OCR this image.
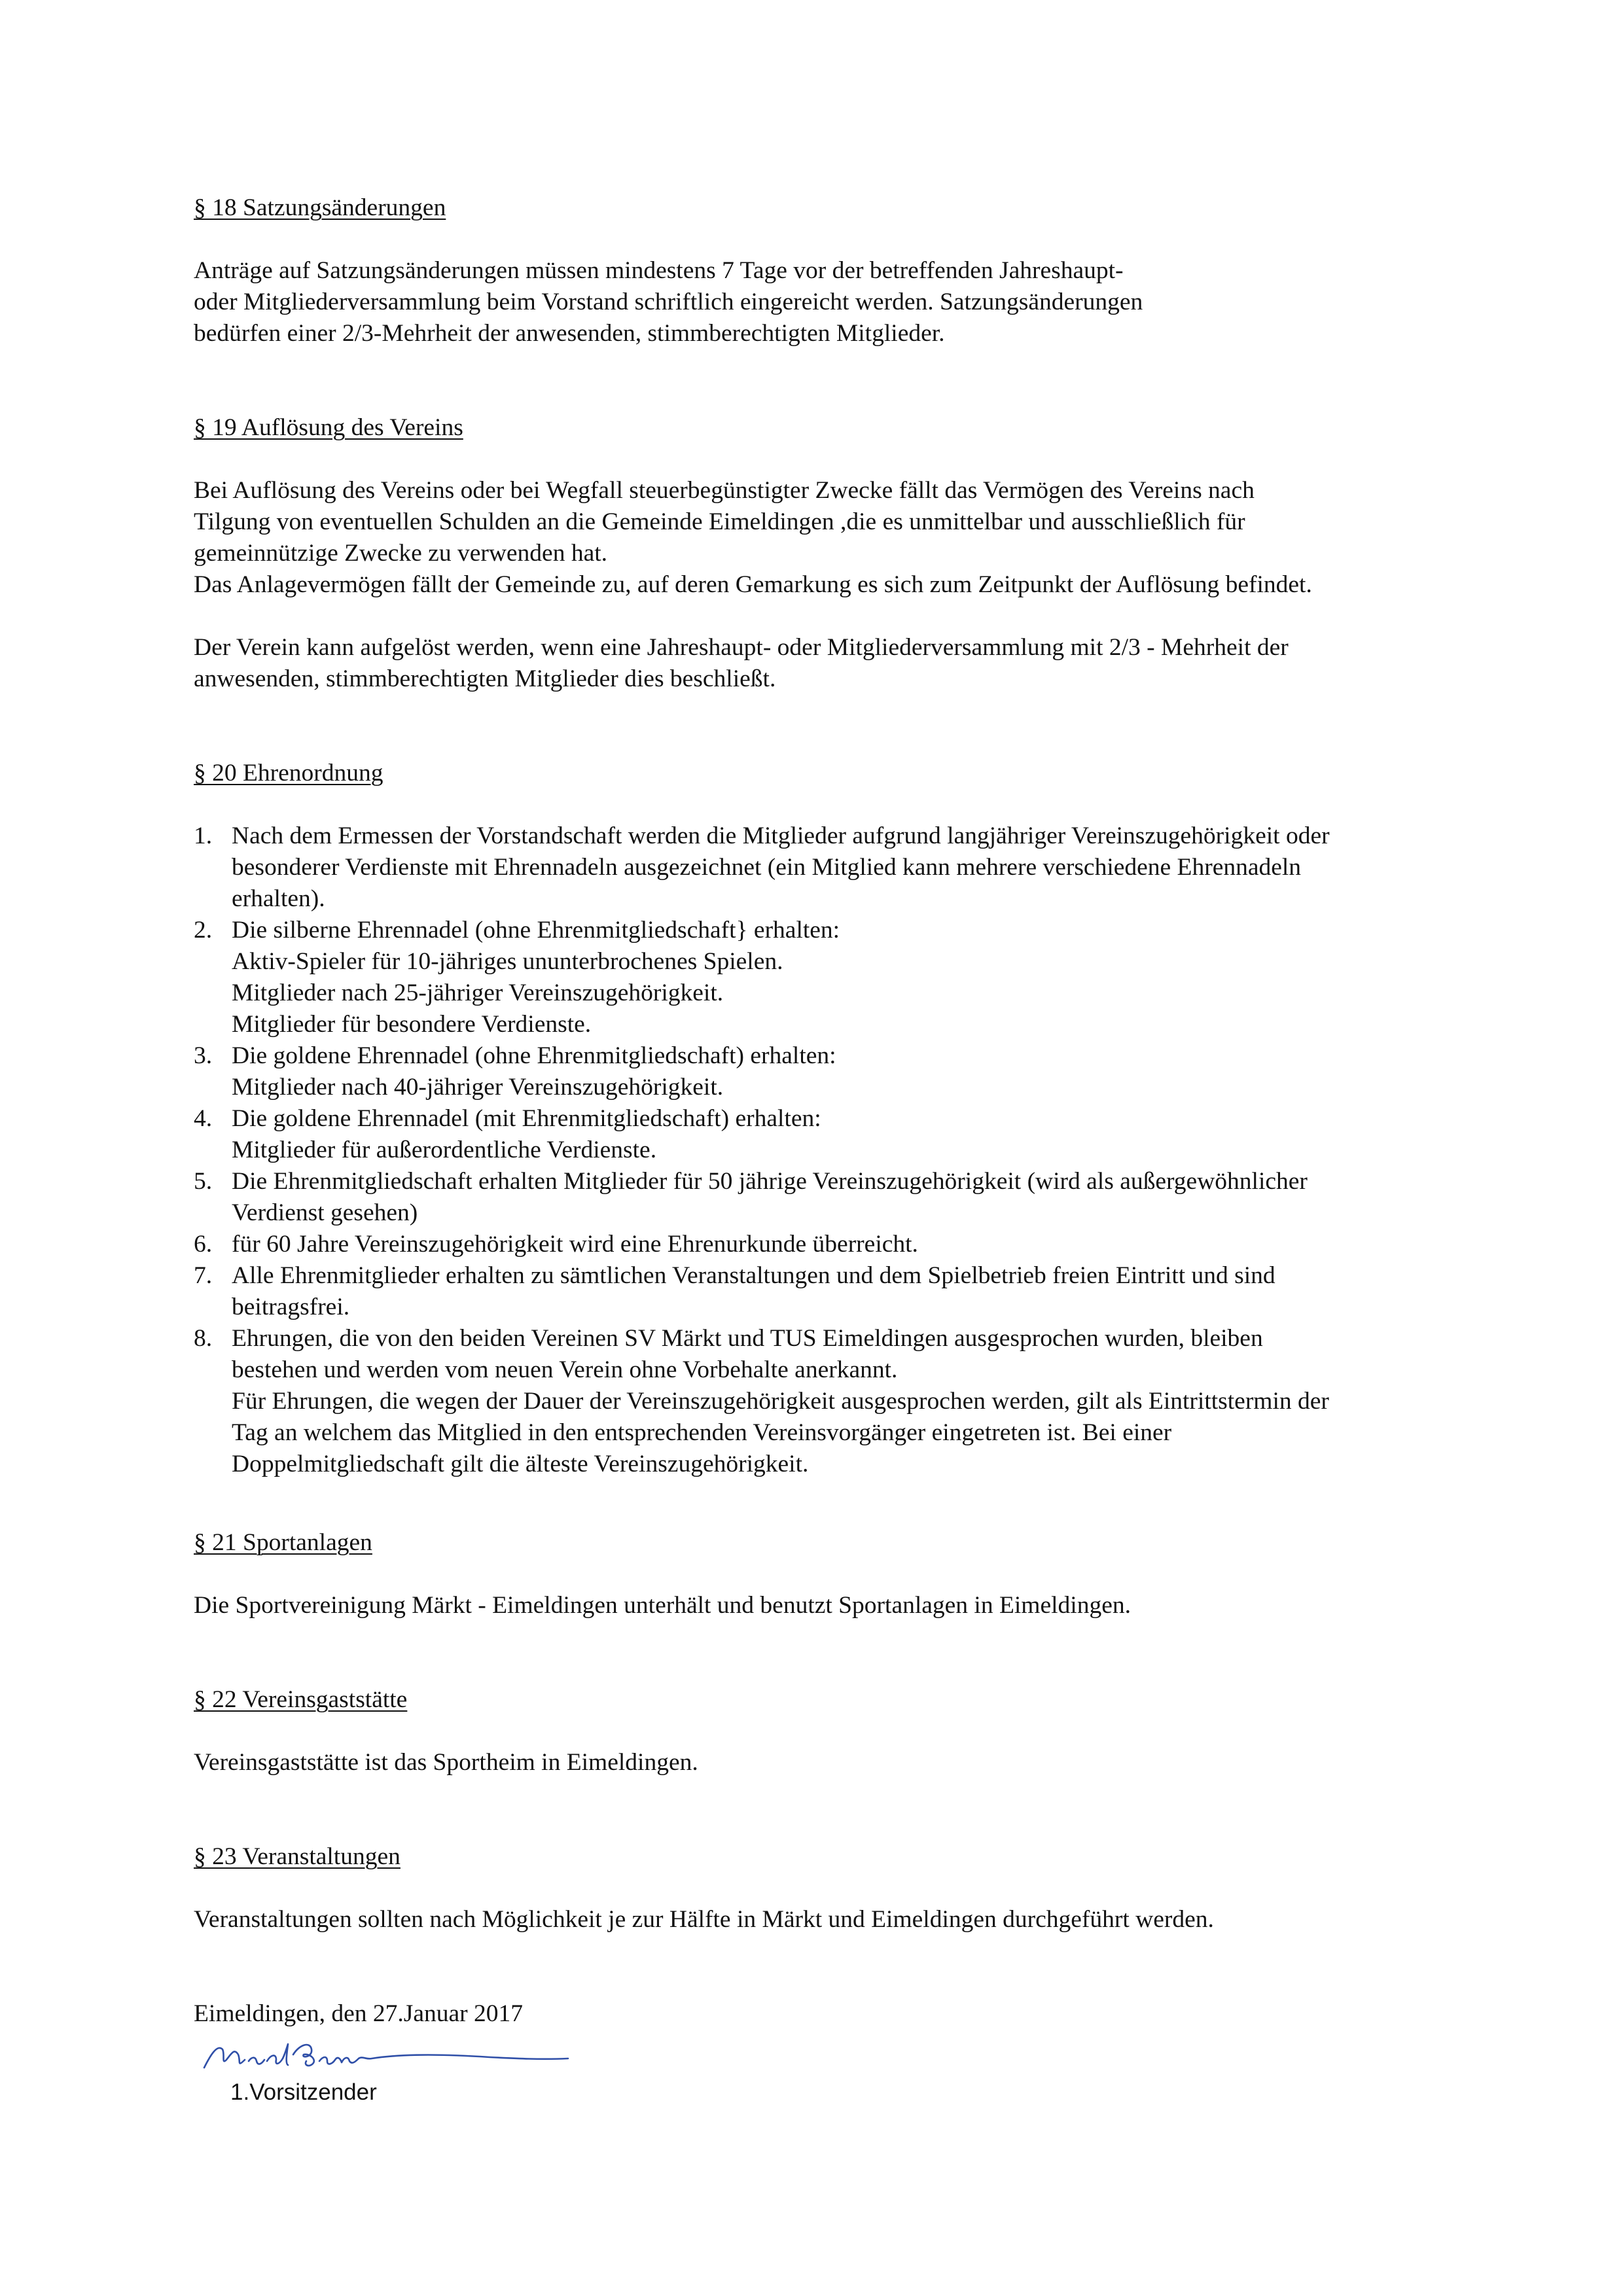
§ 18 Satzungsänderungen
Anträge auf Satzungsänderungen müssen mindestens 7 Tage vor der betreffenden Jahreshaupt-
oder Mitgliederversammlung beim Vorstand schriftlich eingereicht werden. Satzungsänderungen
bedürfen einer 2/3-Mehrheit der anwesenden, stimmberechtigten Mitglieder.
§ 19 Auflösung des Vereins
Bei Auflösung des Vereins oder bei Wegfall steuerbegünstigter Zwecke fällt das Vermögen des Vereins nach
Tilgung von eventuellen Schulden an die Gemeinde Eimeldingen ,die es unmittelbar und ausschließlich für
gemeinnützige Zwecke zu verwenden hat.
Das Anlagevermögen fällt der Gemeinde zu, auf deren Gemarkung es sich zum Zeitpunkt der Auflösung befindet.
Der Verein kann aufgelöst werden, wenn eine Jahreshaupt- oder Mitgliederversammlung mit 2/3 - Mehrheit der
anwesenden, stimmberechtigten Mitglieder dies beschließt.
§ 20 Ehrenordnung
1. Nach dem Ermessen der Vorstandschaft werden die Mitglieder aufgrund langjähriger Vereinszugehörigkeit oder
besonderer Verdienste mit Ehrennadeln ausgezeichnet (ein Mitglied kann mehrere verschiedene Ehrennadeln
erhalten).
2. Die silberne Ehrennadel (ohne Ehrenmitgliedschaft} erhalten:
Aktiv-Spieler für 10-jähriges ununterbrochenes Spielen.
Mitglieder nach 25-jähriger Vereinszugehörigkeit.
Mitglieder für besondere Verdienste.
3. Die goldene Ehrennadel (ohne Ehrenmitgliedschaft) erhalten:
Mitglieder nach 40-jähriger Vereinszugehörigkeit.
4. Die goldene Ehrennadel (mit Ehrenmitgliedschaft) erhalten:
Mitglieder für außerordentliche Verdienste.
5. Die Ehrenmitgliedschaft erhalten Mitglieder für 50 jährige Vereinszugehörigkeit (wird als außergewöhnlicher
Verdienst gesehen)
6. für 60 Jahre Vereinszugehörigkeit wird eine Ehrenurkunde überreicht.
7. Alle Ehrenmitglieder erhalten zu sämtlichen Veranstaltungen und dem Spielbetrieb freien Eintritt und sind
beitragsfrei.
8. Ehrungen, die von den beiden Vereinen SV Märkt und TUS Eimeldingen ausgesprochen wurden, bleiben
bestehen und werden vom neuen Verein ohne Vorbehalte anerkannt.
Für Ehrungen, die wegen der Dauer der Vereinszugehörigkeit ausgesprochen werden, gilt als Eintrittstermin der
Tag an welchem das Mitglied in den entsprechenden Vereinsvorgänger eingetreten ist. Bei einer
Doppelmitgliedschaft gilt die älteste Vereinszugehörigkeit.
§ 21 Sportanlagen
Die Sportvereinigung Märkt - Eimeldingen unterhält und benutzt Sportanlagen in Eimeldingen.
§ 22 Vereinsgaststätte
Vereinsgaststätte ist das Sportheim in Eimeldingen.
§ 23 Veranstaltungen
Veranstaltungen sollten nach Möglichkeit je zur Hälfte in Märkt und Eimeldingen durchgeführt werden.
Eimeldingen, den 27.Januar 2017
1.Vorsitzender
